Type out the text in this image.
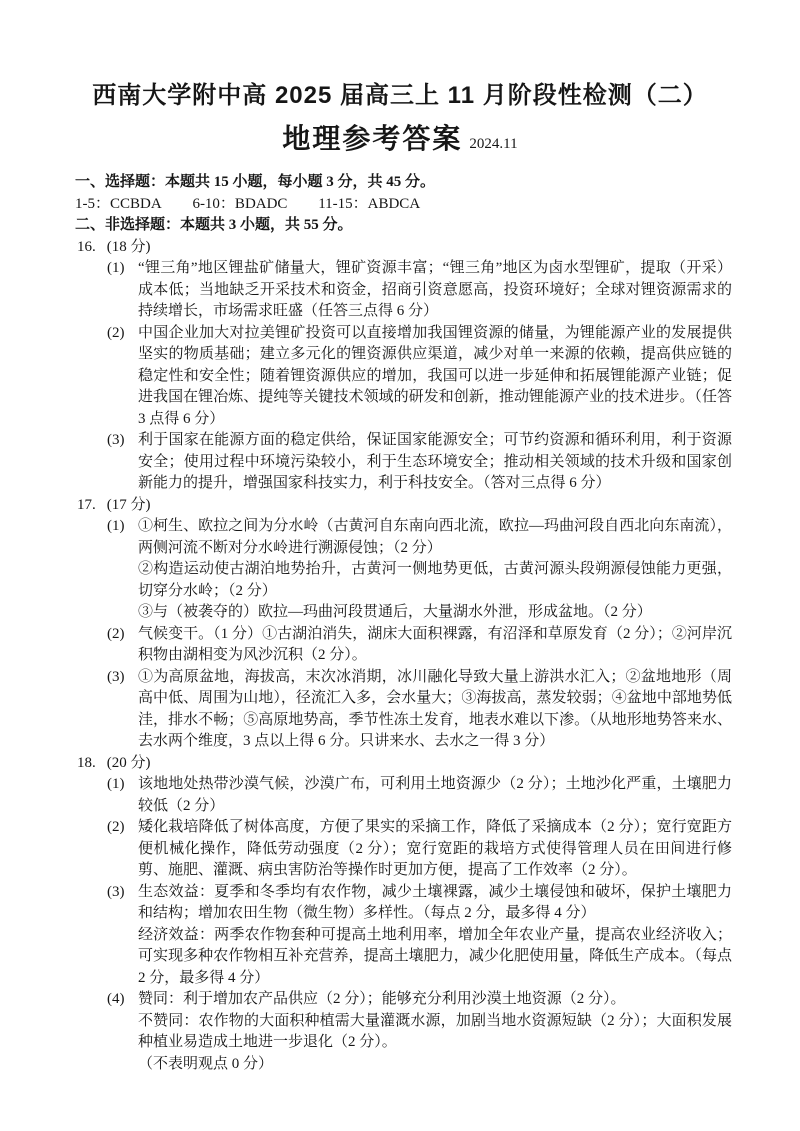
西南大学附中高 2025 届高三上 11 月阶段性检测（二）
地理参考答案 2024.11
一、选择题：本题共 15 小题，每小题 3 分，共 45 分。
1-5：CCBDA 6-10：BDADC 11-15：ABDCA
二、非选择题：本题共 3 小题，共 55 分。
16. (18 分)
(1) “锂三角”地区锂盐矿储量大，锂矿资源丰富；“锂三角”地区为卤水型锂矿，提取（开采）成本低；当地缺乏开采技术和资金，招商引资意愿高，投资环境好；全球对锂资源需求的持续增长，市场需求旺盛（任答三点得 6 分）

(2) 中国企业加大对拉美锂矿投资可以直接增加我国锂资源的储量，为锂能源产业的发展提供坚实的物质基础；建立多元化的锂资源供应渠道，减少对单一来源的依赖，提高供应链的稳定性和安全性；随着锂资源供应的增加，我国可以进一步延伸和拓展锂能源产业链；促进我国在锂冶炼、提纯等关键技术领域的研发和创新，推动锂能源产业的技术进步。（任答 3 点得 6 分）

(3) 利于国家在能源方面的稳定供给，保证国家能源安全；可节约资源和循环利用，利于资源安全；使用过程中环境污染较小，利于生态环境安全；推动相关领域的技术升级和国家创新能力的提升，增强国家科技实力，利于科技安全。（答对三点得 6 分）

17. (17 分)
(1) ①柯生、欧拉之间为分水岭（古黄河自东南向西北流，欧拉—玛曲河段自西北向东南流），两侧河流不断对分水岭进行溯源侵蚀；（2 分）

②构造运动使古湖泊地势抬升，古黄河一侧地势更低，古黄河源头段朔源侵蚀能力更强，切穿分水岭；（2 分）

③与（被袭夺的）欧拉—玛曲河段贯通后，大量湖水外泄，形成盆地。（2 分）

(2) 气候变干。（1 分）①古湖泊消失，湖床大面积裸露，有沼泽和草原发育（2 分）；②河岸沉积物由湖相变为风沙沉积（2 分）。

(3) ①为高原盆地，海拔高，末次冰消期，冰川融化导致大量上游洪水汇入；②盆地地形（周高中低、周围为山地），径流汇入多，会水量大；③海拔高，蒸发较弱；④盆地中部地势低洼，排水不畅；⑤高原地势高，季节性冻土发育，地表水难以下渗。（从地形地势答来水、去水两个维度，3 点以上得 6 分。只讲来水、去水之一得 3 分）

18. (20 分)
(1) 该地地处热带沙漠气候，沙漠广布，可利用土地资源少（2 分）；土地沙化严重，土壤肥力较低（2 分）

(2) 矮化栽培降低了树体高度，方便了果实的采摘工作，降低了采摘成本（2 分）；宽行宽距方便机械化操作，降低劳动强度（2 分）；宽行宽距的栽培方式使得管理人员在田间进行修剪、施肥、灌溉、病虫害防治等操作时更加方便，提高了工作效率（2 分）。

(3) 生态效益：夏季和冬季均有农作物，减少土壤裸露，减少土壤侵蚀和破坏，保护土壤肥力和结构；增加农田生物（微生物）多样性。（每点 2 分，最多得 4 分）

经济效益：两季农作物套种可提高土地利用率，增加全年农业产量，提高农业经济收入；可实现多种农作物相互补充营养，提高土壤肥力，减少化肥使用量，降低生产成本。（每点 2 分，最多得 4 分）

(4) 赞同：利于增加农产品供应（2 分）；能够充分利用沙漠土地资源（2 分）。

不赞同：农作物的大面积种植需大量灌溉水源，加剧当地水资源短缺（2 分）；大面积发展种植业易造成土地进一步退化（2 分）。

（不表明观点 0 分）
